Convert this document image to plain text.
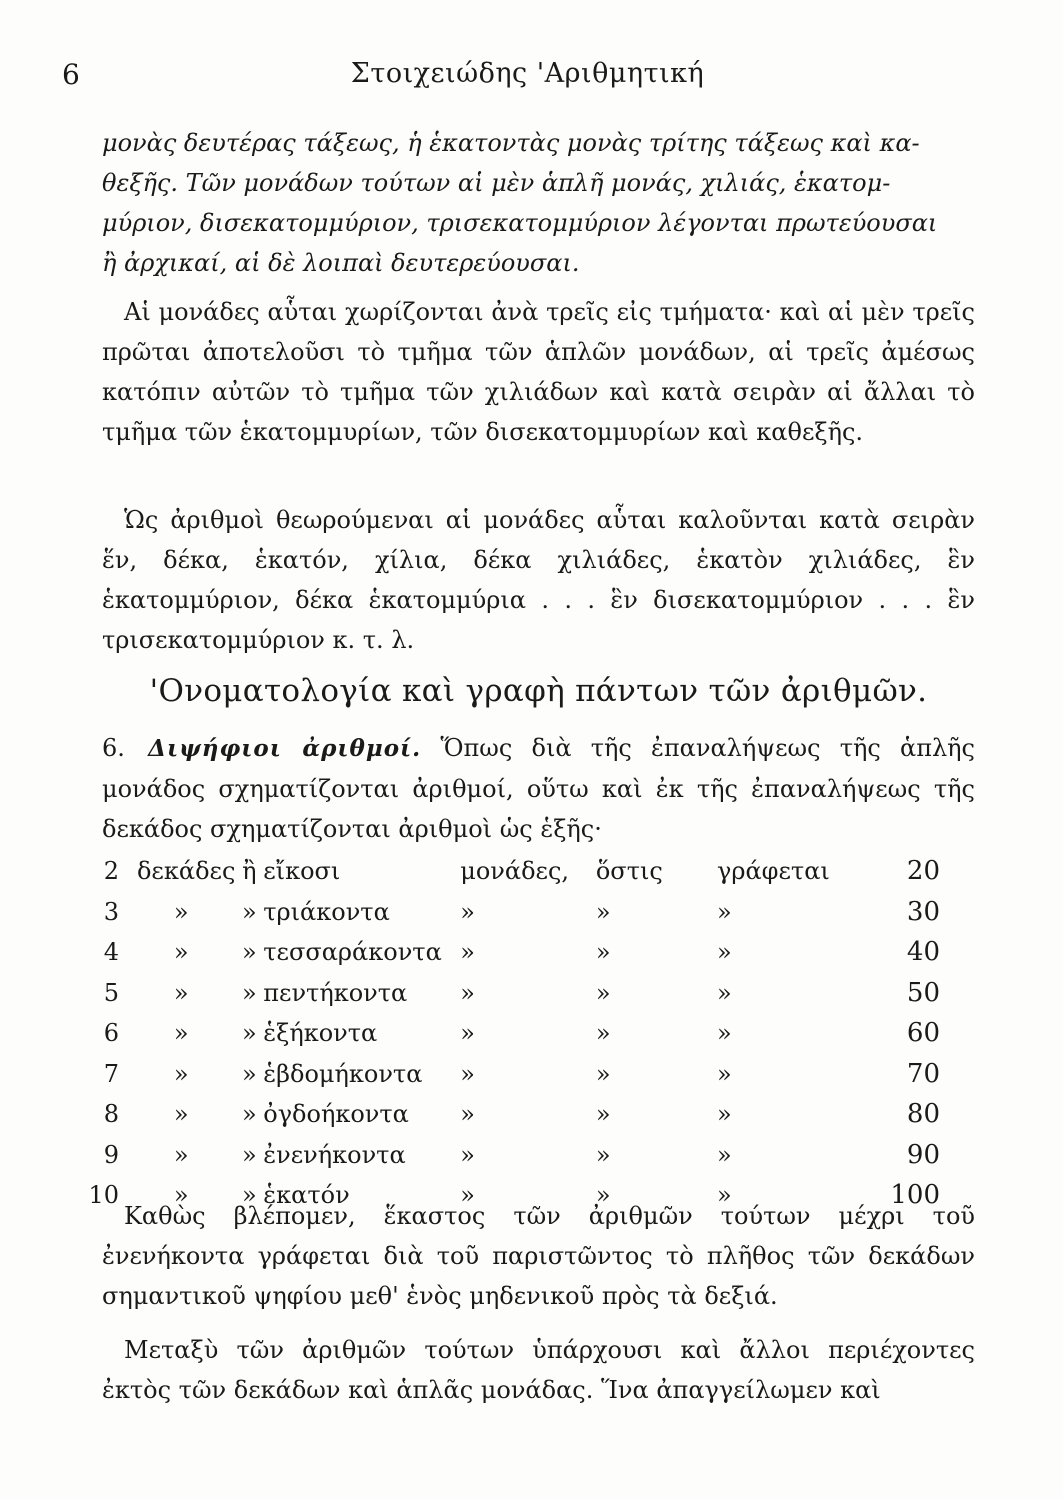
6	Στοιχειώδης 'Αριθμητική

μονὰς δευτέρας τάξεως, ἡ ἑκατοντὰς μονὰς τρίτης τάξεως καὶ κα-

θεξῆς. Τῶν μονάδων τούτων αἱ μὲν ἁπλῆ μονάς, χιλιάς, ἑκατομ-

μύριον, δισεκατομμύριον, τρισεκατομμύριον λέγονται πρωτεύουσαι

ἢ ἀρχικαί, αἱ δὲ λοιπαὶ δευτερεύουσαι.

Αἱ μονάδες αὗται χωρίζονται ἀνὰ τρεῖς εἰς τμήματα· καὶ αἱ μὲν τρεῖς πρῶται ἀποτελοῦσι τὸ τμῆμα τῶν ἁπλῶν μονάδων, αἱ τρεῖς ἀμέσως κατόπιν αὐτῶν τὸ τμῆμα τῶν χιλιάδων καὶ κατὰ σειρὰν αἱ ἄλλαι τὸ τμῆμα τῶν ἑκατομμυρίων, τῶν δισεκατομμυρίων καὶ καθεξῆς.

Ὡς ἀριθμοὶ θεωρούμεναι αἱ μονάδες αὗται καλοῦνται κατὰ σειρὰν ἕν, δέκα, ἑκατόν, χίλια, δέκα χιλιάδες, ἑκατὸν χιλιάδες, ἓν ἑκατομμύριον, δέκα ἑκατομμύρια . . . ἓν δισεκατομμύριον . . . ἓν τρισεκατομμύριον κ. τ. λ.

'Ονοματολογία καὶ γραφὴ πάντων τῶν ἀριθμῶν.
6. Διψήφιοι ἀριθμοί. Ὅπως διὰ τῆς ἐπαναλήψεως τῆς ἁπλῆς μονάδος σχηματίζονται ἀριθμοί, οὕτω καὶ ἐκ τῆς ἐπαναλήψεως τῆς δεκάδος σχηματίζονται ἀριθμοὶ ὡς ἑξῆς·
2	δεκάδες	ἢ	εἴκοσι	μονάδες,	ὅστις	γράφεται	20
3	»	»	τριάκοντα	»	»	»	30
4	»	»	τεσσαράκοντα	»	»	»	40
5	»	»	πεντήκοντα	»	»	»	50
6	»	»	ἑξήκοντα	»	»	»	60
7	»	»	ἑβδομήκοντα	»	»	»	70
8	»	»	ὀγδοήκοντα	»	»	»	80
9	»	»	ἐνενήκοντα	»	»	»	90
10	»	»	ἑκατόν	»	»	»	100

Καθὼς βλέπομεν, ἕκαστος τῶν ἀριθμῶν τούτων μέχρι τοῦ ἐνενήκοντα γράφεται διὰ τοῦ παριστῶντος τὸ πλῆθος τῶν δεκάδων σημαντικοῦ ψηφίου μεθ' ἑνὸς μηδενικοῦ πρὸς τὰ δεξιά.

Μεταξὺ τῶν ἀριθμῶν τούτων ὑπάρχουσι καὶ ἄλλοι περιέχοντες ἐκτὸς τῶν δεκάδων καὶ ἁπλᾶς μονάδας. Ἵνα ἀπαγγείλωμεν καὶ
